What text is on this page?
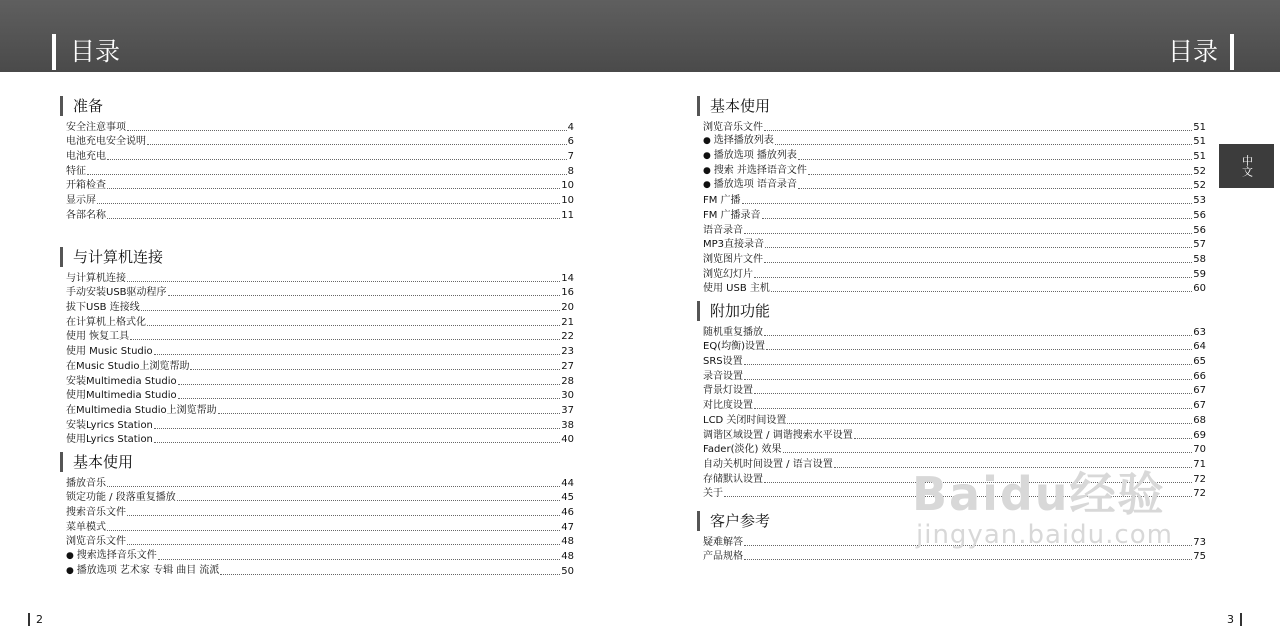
目录	目录
准备
安全注意事项	4
电池充电安全说明	6
电池充电	7
特征	8
开箱检查	10
显示屏	10
各部名称	11
与计算机连接
与计算机连接	14
手动安装USB驱动程序	16
拔下USB 连接线	20
在计算机上格式化	21
使用 恢复工具	22
使用 Music Studio	23
在Music Studio上浏览帮助	27
安装Multimedia Studio	28
使用Multimedia Studio	30
在Multimedia Studio上浏览帮助	37
安装Lyrics Station	38
使用Lyrics Station	40
基本使用
播放音乐	44
锁定功能 / 段落重复播放	45
搜索音乐文件	46
菜单模式	47
浏览音乐文件	48
● 搜索选择音乐文件	48
● 播放选项 艺术家 专辑 曲目 流派	50
基本使用
浏览音乐文件	51
● 选择播放列表	51
● 播放选项 播放列表	51
● 搜索 并选择语音文件	52
● 播放选项 语音录音	52
FM 广播	53
FM 广播录音	56
语音录音	56
MP3直接录音	57
浏览图片文件	58
浏览幻灯片	59
使用 USB 主机	60
附加功能
随机重复播放	63
EQ(均衡)设置	64
SRS设置	65
录音设置	66
背景灯设置	67
对比度设置	67
LCD 关闭时间设置	68
调谐区域设置 / 调谐搜索水平设置	69
Fader(淡化) 效果	70
自动关机时间设置 / 语言设置	71
存储默认设置	72
关于	72
客户参考
疑难解答	73
产品规格	75
中文
2	3
Baidu经验
jingyan.baidu.com
